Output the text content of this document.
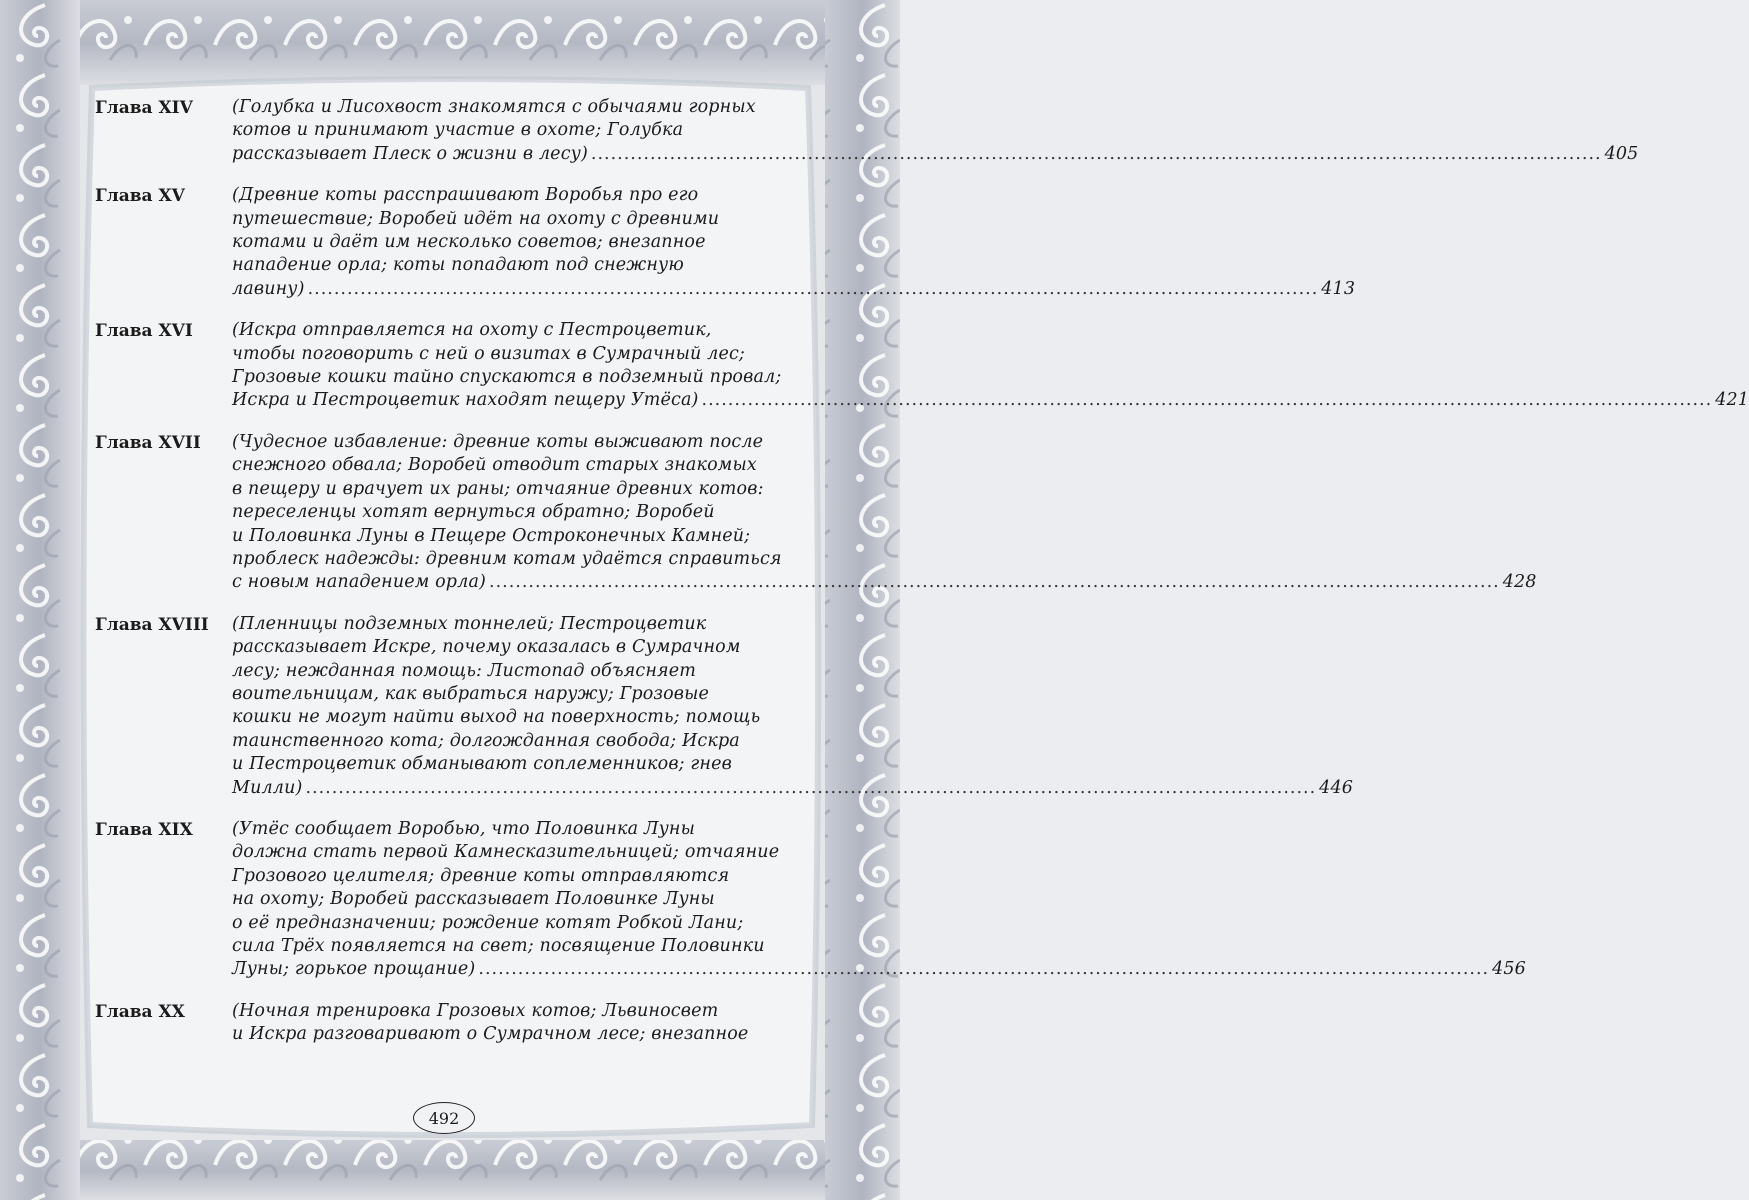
Глава XIV	(Голубка и Лисохвост знакомятся с обычаями горных
котов и принимают участие в охоте; Голубка
рассказывает Плеск о жизни в лесу) .....	405
Глава XV	(Древние коты расспрашивают Воробья про его
путешествие; Воробей идёт на охоту с древними
котами и даёт им несколько советов; внезапное
нападение орла; коты попадают под снежную
лавину) .....	413
Глава XVI	(Искра отправляется на охоту с Пестроцветик,
чтобы поговорить с ней о визитах в Сумрачный лес;
Грозовые кошки тайно спускаются в подземный провал;
Искра и Пестроцветик находят пещеру Утёса) .....	421
Глава XVII	(Чудесное избавление: древние коты выживают после
снежного обвала; Воробей отводит старых знакомых
в пещеру и врачует их раны; отчаяние древних котов:
переселенцы хотят вернуться обратно; Воробей
и Половинка Луны в Пещере Остроконечных Камней;
проблеск надежды: древним котам удаётся справиться
с новым нападением орла) .....	428
Глава XVIII	(Пленницы подземных тоннелей; Пестроцветик
рассказывает Искре, почему оказалась в Сумрачном
лесу; нежданная помощь: Листопад объясняет
воительницам, как выбраться наружу; Грозовые
кошки не могут найти выход на поверхность; помощь
таинственного кота; долгожданная свобода; Искра
и Пестроцветик обманывают соплеменников; гнев
Милли) .....	446
Глава XIX	(Утёс сообщает Воробью, что Половинка Луны
должна стать первой Камнесказительницей; отчаяние
Грозового целителя; древние коты отправляются
на охоту; Воробей рассказывает Половинке Луны
о её предназначении; рождение котят Робкой Лани;
сила Трёх появляется на свет; посвящение Половинки
Луны; горькое прощание) .....	456
Глава XX	(Ночная тренировка Грозовых котов; Львиносвет
и Искра разговаривают о Сумрачном лесе; внезапное
492
